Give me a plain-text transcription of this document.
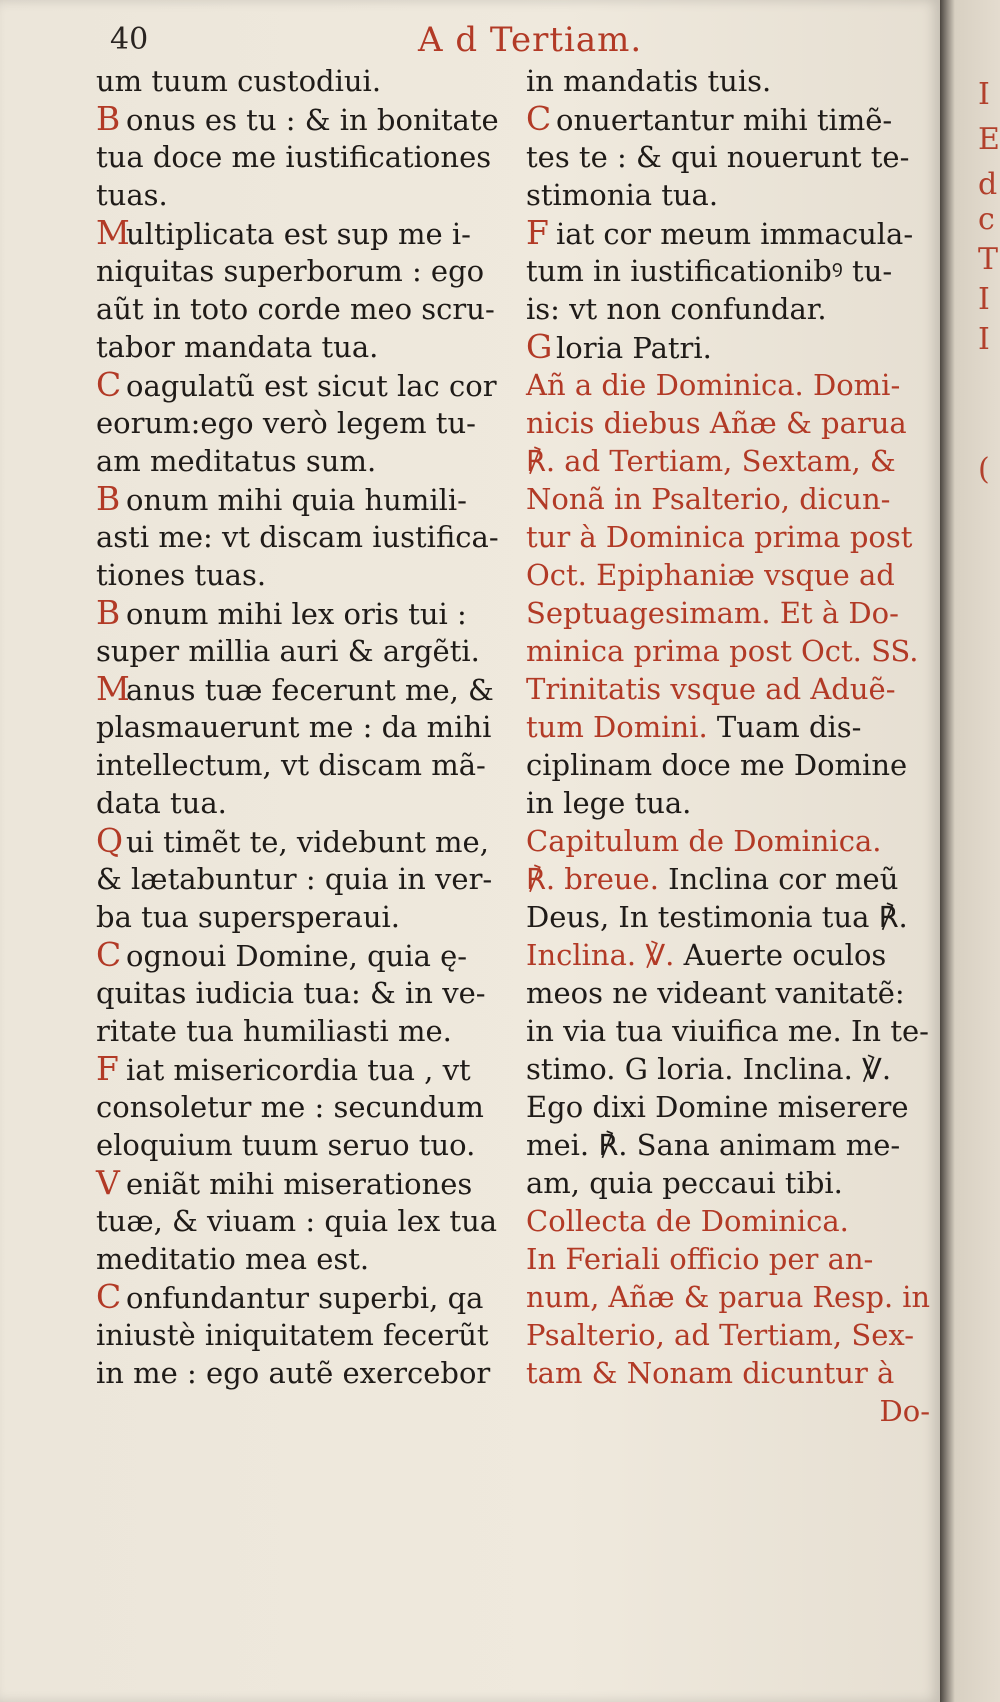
40	A d Tertiam.
um tuum custodiui.
B onus es tu : & in bonitate
tua doce me iustificationes
tuas.
Multiplicata est sup me i-
niquitas superborum : ego
aũt in toto corde meo scru-
tabor mandata tua.
C oagulatũ est sicut lac cor
eorum:ego verò legem tu-
am meditatus sum.
B onum mihi quia humili-
asti me: vt discam iustifica-
tiones tuas.
B onum mihi lex oris tui :
super millia auri & argẽti.
Manus tuæ fecerunt me, &
plasmauerunt me : da mihi
intellectum, vt discam mã-
data tua.
Q ui timẽt te, videbunt me,
& lætabuntur : quia in ver-
ba tua supersperaui.
C ognoui Domine, quia ę-
quitas iudicia tua: & in ve-
ritate tua humiliasti me.
F iat misericordia tua , vt
consoletur me : secundum
eloquium tuum seruo tuo.
V eniãt mihi miserationes
tuæ, & viuam : quia lex tua
meditatio mea est.
C onfundantur superbi, qa
iniustè iniquitatem fecerũt
in me : ego autẽ exercebor
in mandatis tuis.
C onuertantur mihi timẽ-
tes te : & qui nouerunt te-
stimonia tua.
F iat cor meum immacula-
tum in iustificationibꝰ tu-
is: vt non confundar.
G loria Patri.
Añ a die Dominica. Domi-
nicis diebus Añæ & parua
℟. ad Tertiam, Sextam, &
Nonã in Psalterio, dicun-
tur à Dominica prima post
Oct. Epiphaniæ vsque ad
Septuagesimam. Et à Do-
minica prima post Oct. SS.
Trinitatis vsque ad Aduẽ-
tum Domini. Tuam dis-
ciplinam doce me Domine
in lege tua.
Capitulum de Dominica.
℟. breue. Inclina cor meũ
Deus, In testimonia tua ℟.
Inclina. ℣. Auerte oculos
meos ne videant vanitatẽ:
in via tua viuifica me. In te-
stimo. G loria. Inclina. ℣.
Ego dixi Domine miserere
mei. ℟. Sana animam me-
am, quia peccaui tibi.
Collecta de Dominica.
In Feriali officio per an-
num, Añæ & parua Resp. in
Psalterio, ad Tertiam, Sex-
tam & Nonam dicuntur à
Do-
I
E
d
c
T
I
I
(
